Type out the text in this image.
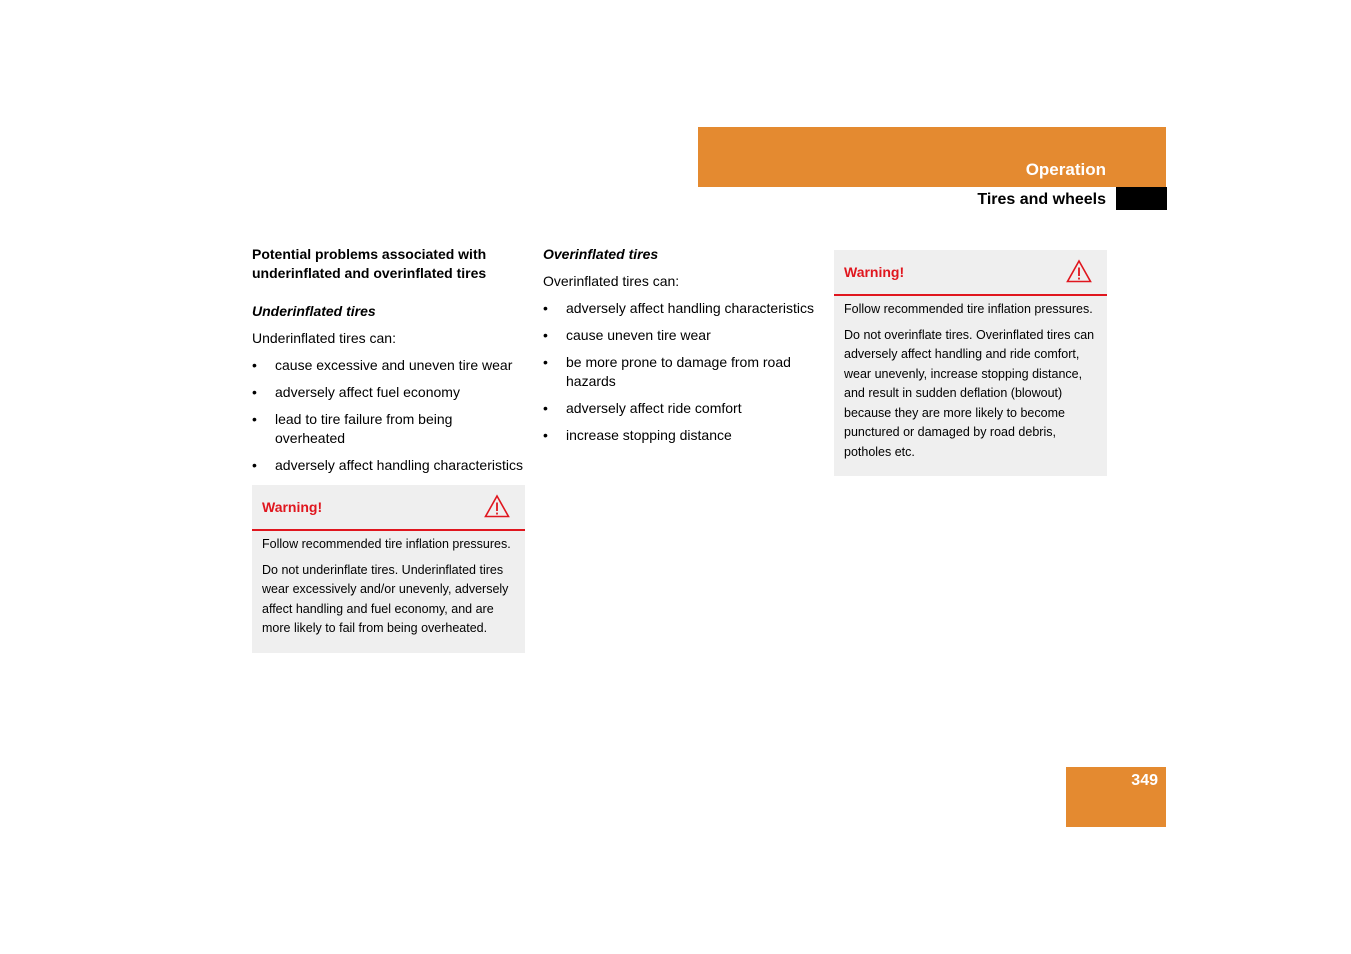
Operation
Tires and wheels
Potential problems associated with underinflated and overinflated tires
Underinflated tires
Underinflated tires can:
• cause excessive and uneven tire wear
• adversely affect fuel economy
• lead to tire failure from being overheated
• adversely affect handling characteristics
Warning!

Follow recommended tire inflation pressures.

Do not underinflate tires. Underinflated tires wear excessively and/or unevenly, adversely affect handling and fuel economy, and are more likely to fail from being overheated.

Overinflated tires
Overinflated tires can:
• adversely affect handling characteristics
• cause uneven tire wear
• be more prone to damage from road hazards
• adversely affect ride comfort
• increase stopping distance
Warning!

Follow recommended tire inflation pressures.

Do not overinflate tires. Overinflated tires can adversely affect handling and ride comfort, wear unevenly, increase stopping distance, and result in sudden deflation (blowout) because they are more likely to become punctured or damaged by road debris, potholes etc.

349
